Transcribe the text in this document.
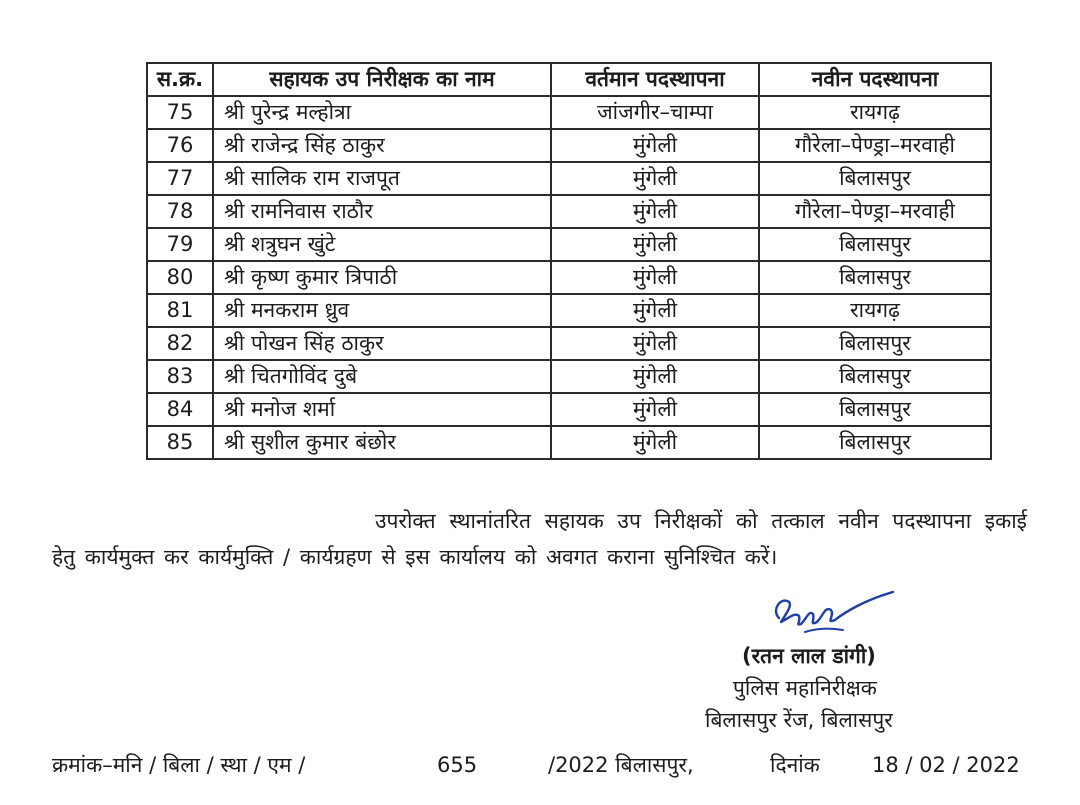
स.क्र.	सहायक उप निरीक्षक का नाम	वर्तमान पदस्थापना	नवीन पदस्थापना
75	श्री पुरेन्द्र मल्होत्रा	जांजगीर–चाम्पा	रायगढ़
76	श्री राजेन्द्र सिंह ठाकुर	मुंगेली	गौरेला–पेण्ड्रा–मरवाही
77	श्री सालिक राम राजपूत	मुंगेली	बिलासपुर
78	श्री रामनिवास राठौर	मुंगेली	गौरेला–पेण्ड्रा–मरवाही
79	श्री शत्रुघन खुंटे	मुंगेली	बिलासपुर
80	श्री कृष्ण कुमार त्रिपाठी	मुंगेली	बिलासपुर
81	श्री मनकराम ध्रुव	मुंगेली	रायगढ़
82	श्री पोखन सिंह ठाकुर	मुंगेली	बिलासपुर
83	श्री चितगोविंद दुबे	मुंगेली	बिलासपुर
84	श्री मनोज शर्मा	मुंगेली	बिलासपुर
85	श्री सुशील कुमार बंछोर	मुंगेली	बिलासपुर
उपरोक्त स्थानांतरित सहायक उप निरीक्षकों को तत्काल नवीन पदस्थापना इकाई
हेतु कार्यमुक्त कर कार्यमुक्ति / कार्यग्रहण से इस कार्यालय को अवगत कराना सुनिश्चित करें।
(रतन लाल डांगी)
पुलिस महानिरीक्षक
बिलासपुर रेंज, बिलासपुर
क्रमांक–मनि / बिला / स्था / एम /	655	/2022 बिलासपुर,	दिनांक 18 / 02 / 2022
